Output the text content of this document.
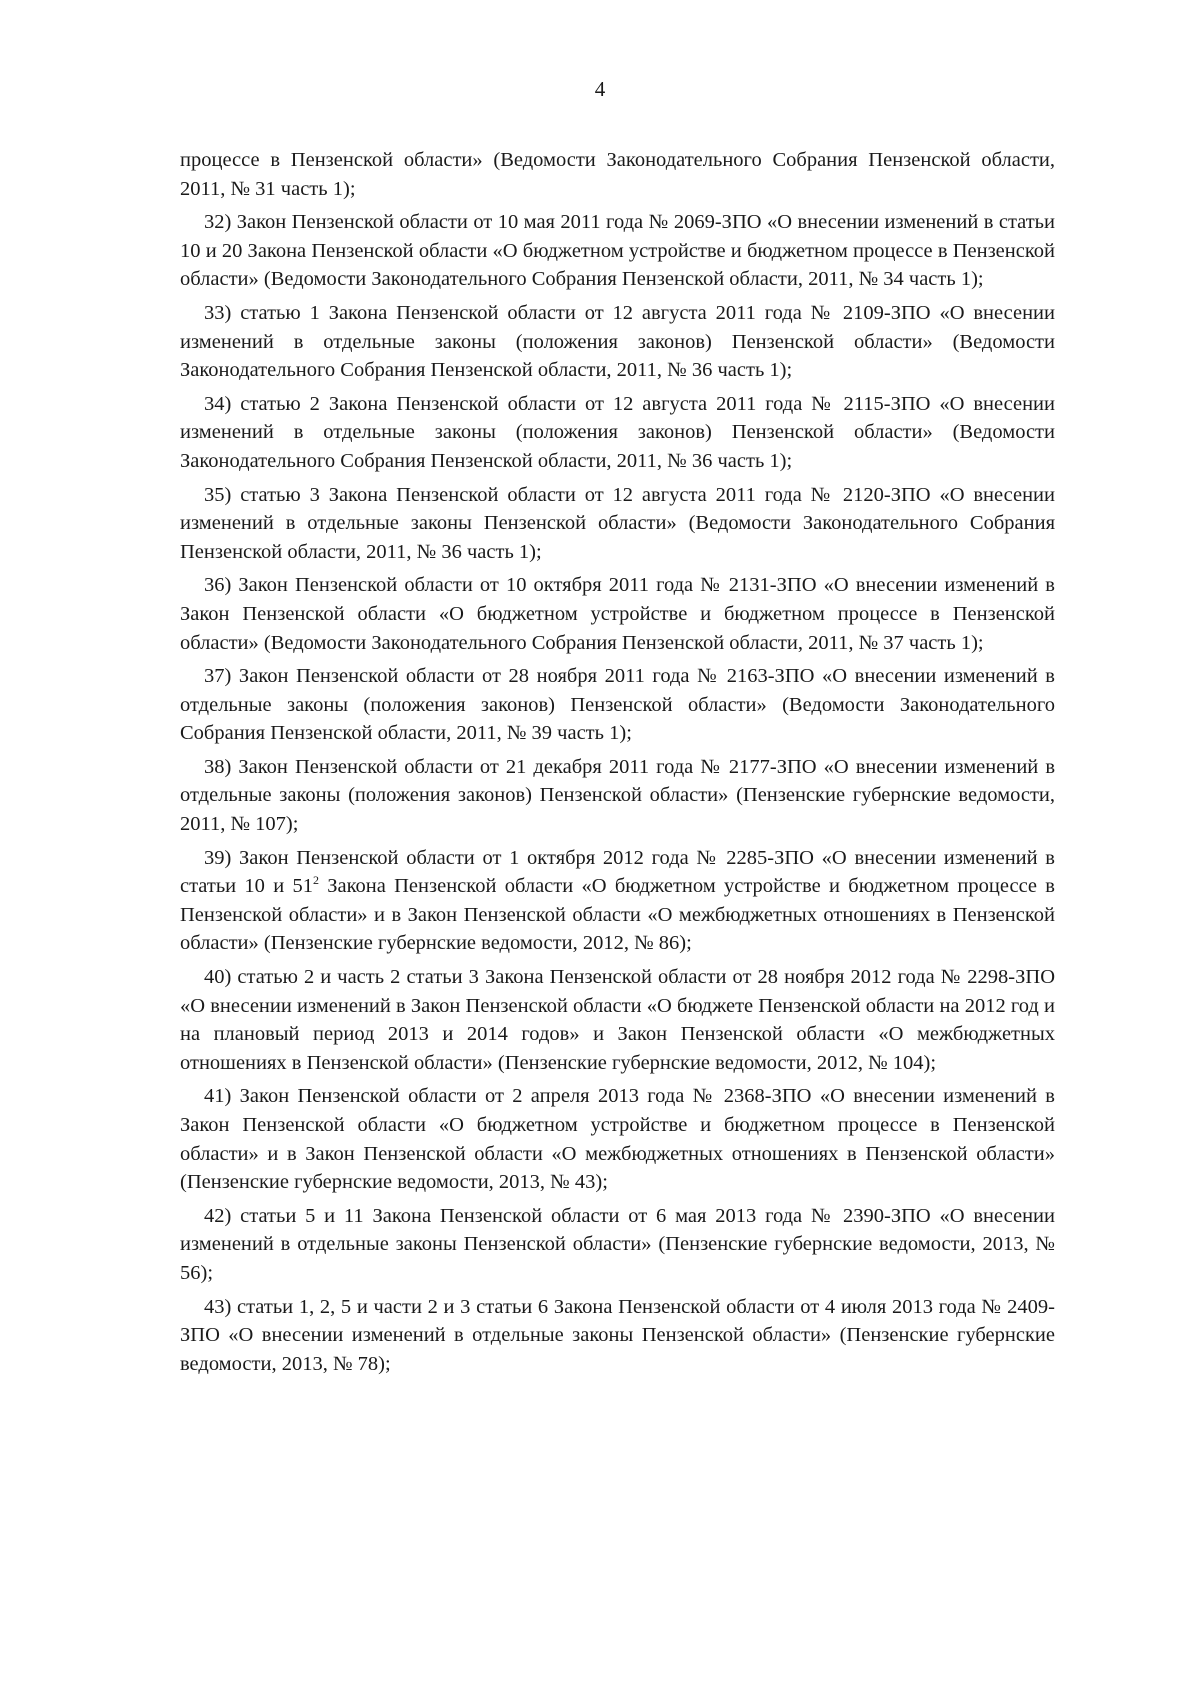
4

процессе в Пензенской области» (Ведомости Законодательного Собрания Пензенской области, 2011, № 31 часть 1);

32) Закон Пензенской области от 10 мая 2011 года № 2069-ЗПО «О внесении изменений в статьи 10 и 20 Закона Пензенской области «О бюджетном устройстве и бюджетном процессе в Пензенской области» (Ведомости Законодательного Собрания Пензенской области, 2011, № 34 часть 1);

33) статью 1 Закона Пензенской области от 12 августа 2011 года № 2109-ЗПО «О внесении изменений в отдельные законы (положения законов) Пензенской области» (Ведомости Законодательного Собрания Пензенской области, 2011, № 36 часть 1);

34) статью 2 Закона Пензенской области от 12 августа 2011 года № 2115-ЗПО «О внесении изменений в отдельные законы (положения законов) Пензенской области» (Ведомости Законодательного Собрания Пензенской области, 2011, № 36 часть 1);

35) статью 3 Закона Пензенской области от 12 августа 2011 года № 2120-ЗПО «О внесении изменений в отдельные законы Пензенской области» (Ведомости Законодательного Собрания Пензенской области, 2011, № 36 часть 1);

36) Закон Пензенской области от 10 октября 2011 года № 2131-ЗПО «О внесении изменений в Закон Пензенской области «О бюджетном устройстве и бюджетном процессе в Пензенской области» (Ведомости Законодательного Собрания Пензенской области, 2011, № 37 часть 1);

37) Закон Пензенской области от 28 ноября 2011 года № 2163-ЗПО «О внесении изменений в отдельные законы (положения законов) Пензенской области» (Ведомости Законодательного Собрания Пензенской области, 2011, № 39 часть 1);

38) Закон Пензенской области от 21 декабря 2011 года № 2177-ЗПО «О внесении изменений в отдельные законы (положения законов) Пензенской области» (Пензенские губернские ведомости, 2011, № 107);

39) Закон Пензенской области от 1 октября 2012 года № 2285-ЗПО «О внесении изменений в статьи 10 и $51^2$ Закона Пензенской области «О бюджетном устройстве и бюджетном процессе в Пензенской области» и в Закон Пензенской области «О межбюджетных отношениях в Пензенской области» (Пензенские губернские ведомости, 2012, № 86);

40) статью 2 и часть 2 статьи 3 Закона Пензенской области от 28 ноября 2012 года № 2298-ЗПО «О внесении изменений в Закон Пензенской области «О бюджете Пензенской области на 2012 год и на плановый период 2013 и 2014 годов» и Закон Пензенской области «О межбюджетных отношениях в Пензенской области» (Пензенские губернские ведомости, 2012, № 104);

41) Закон Пензенской области от 2 апреля 2013 года № 2368-ЗПО «О внесении изменений в Закон Пензенской области «О бюджетном устройстве и бюджетном процессе в Пензенской области» и в Закон Пензенской области «О межбюджетных отношениях в Пензенской области» (Пензенские губернские ведомости, 2013, № 43);

42) статьи 5 и 11 Закона Пензенской области от 6 мая 2013 года № 2390-ЗПО «О внесении изменений в отдельные законы Пензенской области» (Пензенские губернские ведомости, 2013, № 56);

43) статьи 1, 2, 5 и части 2 и 3 статьи 6 Закона Пензенской области от 4 июля 2013 года № 2409-ЗПО «О внесении изменений в отдельные законы Пензенской области» (Пензенские губернские ведомости, 2013, № 78);
